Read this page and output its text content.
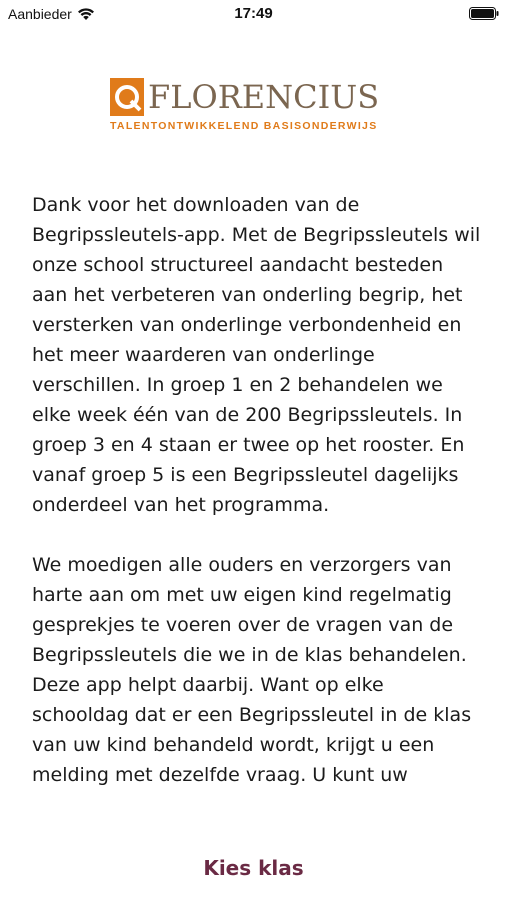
Aanbieder	17:49
FLORENCIUS
TALENTONTWIKKELEND BASISONDERWIJS

Dank voor het downloaden van de Begripssleutels-app. Met de Begripssleutels wil onze school structureel aandacht besteden aan het verbeteren van onderling begrip, het versterken van onderlinge verbondenheid en het meer waarderen van onderlinge verschillen. In groep 1 en 2 behandelen we elke week één van de 200 Begripssleutels. In groep 3 en 4 staan er twee op het rooster. En vanaf groep 5 is een Begripssleutel dagelijks onderdeel van het programma.

We moedigen alle ouders en verzorgers van harte aan om met uw eigen kind regelmatig gesprekjes te voeren over de vragen van de Begripssleutels die we in de klas behandelen. Deze app helpt daarbij. Want op elke schooldag dat er een Begripssleutel in de klas van uw kind behandeld wordt, krijgt u een melding met dezelfde vraag. U kunt uw

Kies klas
